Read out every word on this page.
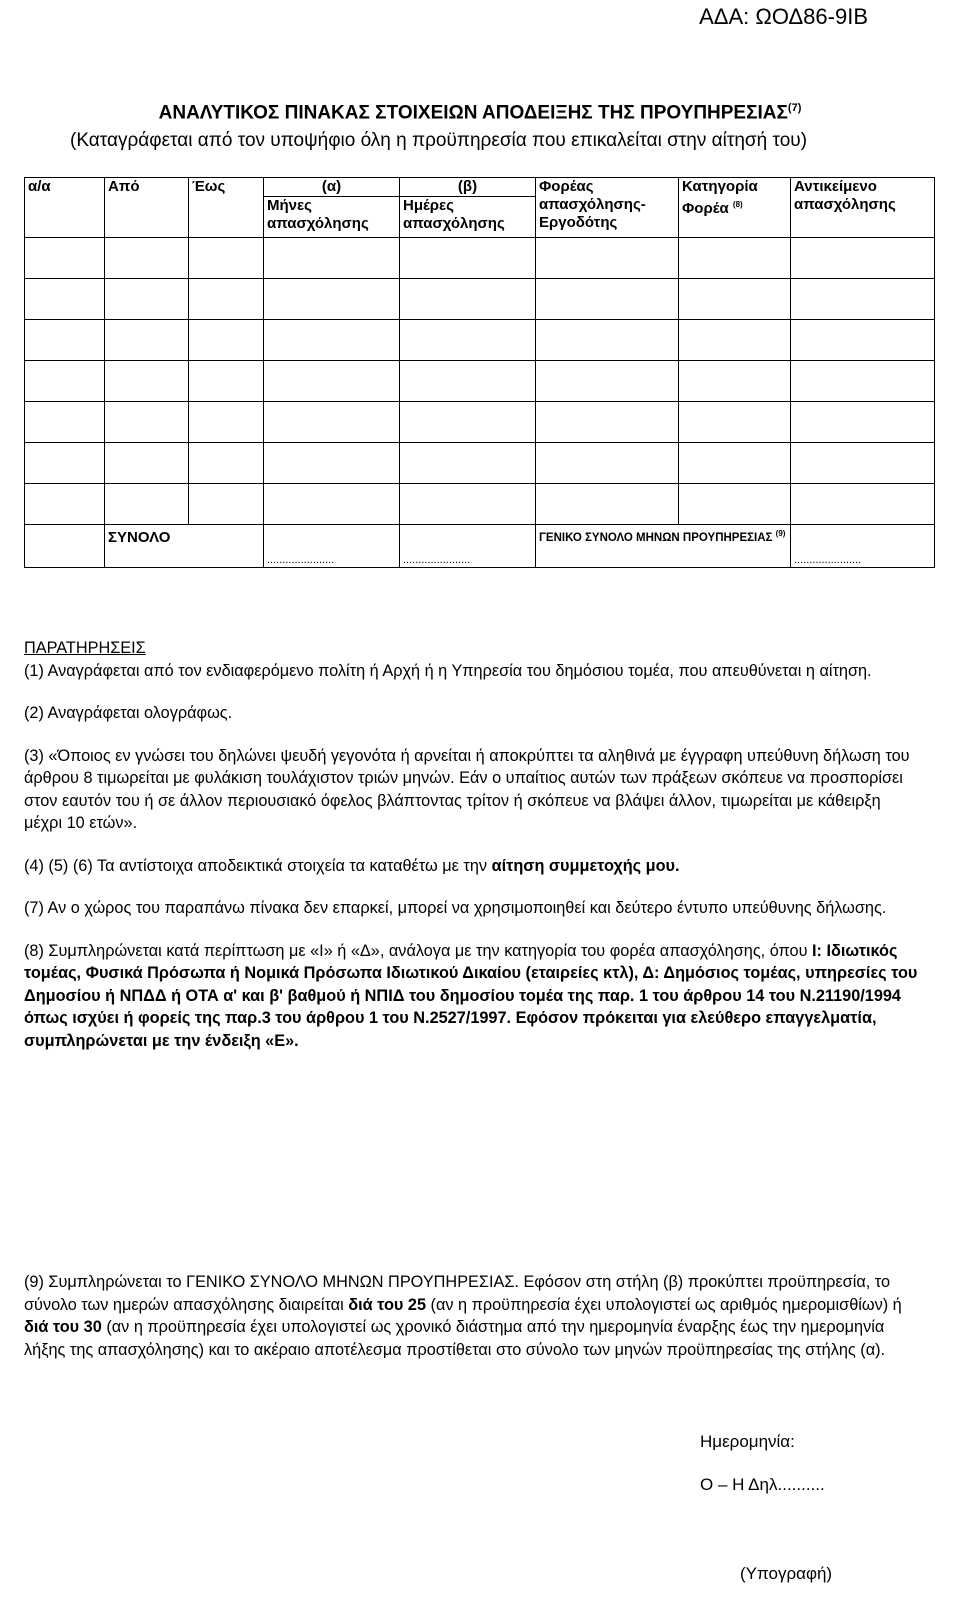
ΑΔΑ: ΩΟΔ86-9ΙΒ
ΑΝΑΛΥΤΙΚΟΣ ΠΙΝΑΚΑΣ ΣΤΟΙΧΕΙΩΝ ΑΠΟΔΕΙΞΗΣ ΤΗΣ ΠΡΟΥΠΗΡΕΣΙΑΣ$^{(7)}$
(Καταγράφεται από τον υποψήφιο όλη η προϋπηρεσία που επικαλείται στην αίτησή του)
α/α	Από	Έως	(α)	(β)	Φορέας απασχόλησης-Εργοδότης	Κατηγορία Φορέα $^{(8)}$	Αντικείμενο απασχόλησης
			Μήνες απασχόλησης	Ημέρες απασχόλησης			

	ΣΥΝΟΛΟ		......................	......................	ΓΕΝΙΚΟ ΣΥΝΟΛΟ ΜΗΝΩΝ ΠΡΟΥΠΗΡΕΣΙΑΣ $^{(9)}$		......................

ΠΑΡΑΤΗΡΗΣΕΙΣ

(1) Αναγράφεται από τον ενδιαφερόμενο πολίτη ή Αρχή ή η Υπηρεσία του δημόσιου τομέα, που απευθύνεται η αίτηση.

(2) Αναγράφεται ολογράφως.

(3) «Όποιος εν γνώσει του δηλώνει ψευδή γεγονότα ή αρνείται ή αποκρύπτει τα αληθινά με έγγραφη υπεύθυνη δήλωση του άρθρου 8 τιμωρείται με φυλάκιση τουλάχιστον τριών μηνών. Εάν ο υπαίτιος αυτών των πράξεων σκόπευε να προσπορίσει στον εαυτόν του ή σε άλλον περιουσιακό όφελος βλάπτοντας τρίτον ή σκόπευε να βλάψει άλλον, τιμωρείται με κάθειρξη μέχρι 10 ετών».

(4) (5) (6) Τα αντίστοιχα αποδεικτικά στοιχεία τα καταθέτω με την αίτηση συμμετοχής μου.

(7) Αν ο χώρος του παραπάνω πίνακα δεν επαρκεί, μπορεί να χρησιμοποιηθεί και δεύτερο έντυπο υπεύθυνης δήλωσης.

(8) Συμπληρώνεται κατά περίπτωση με «Ι» ή «Δ», ανάλογα με την κατηγορία του φορέα απασχόλησης, όπου Ι: Ιδιωτικός τομέας, Φυσικά Πρόσωπα ή Νομικά Πρόσωπα Ιδιωτικού Δικαίου (εταιρείες κτλ), Δ: Δημόσιος τομέας, υπηρεσίες του Δημοσίου ή ΝΠΔΔ ή ΟΤΑ α' και β' βαθμού ή ΝΠΙΔ του δημοσίου τομέα της παρ. 1 του άρθρου 14 του Ν.21190/1994 όπως ισχύει ή φορείς της παρ.3 του άρθρου 1 του Ν.2527/1997. Εφόσον πρόκειται για ελεύθερο επαγγελματία, συμπληρώνεται με την ένδειξη «Ε».

(9) Συμπληρώνεται το ΓΕΝΙΚΟ ΣΥΝΟΛΟ ΜΗΝΩΝ ΠΡΟΥΠΗΡΕΣΙΑΣ. Εφόσον στη στήλη (β) προκύπτει προϋπηρεσία, το σύνολο των ημερών απασχόλησης διαιρείται διά του 25 (αν η προϋπηρεσία έχει υπολογιστεί ως αριθμός ημερομισθίων) ή διά του 30 (αν η προϋπηρεσία έχει υπολογιστεί ως χρονικό διάστημα από την ημερομηνία έναρξης έως την ημερομηνία λήξης της απασχόλησης) και το ακέραιο αποτέλεσμα προστίθεται στο σύνολο των μηνών προϋπηρεσίας της στήλης (α).
Ημερομηνία:
Ο – Η Δηλ..........
(Υπογραφή)
